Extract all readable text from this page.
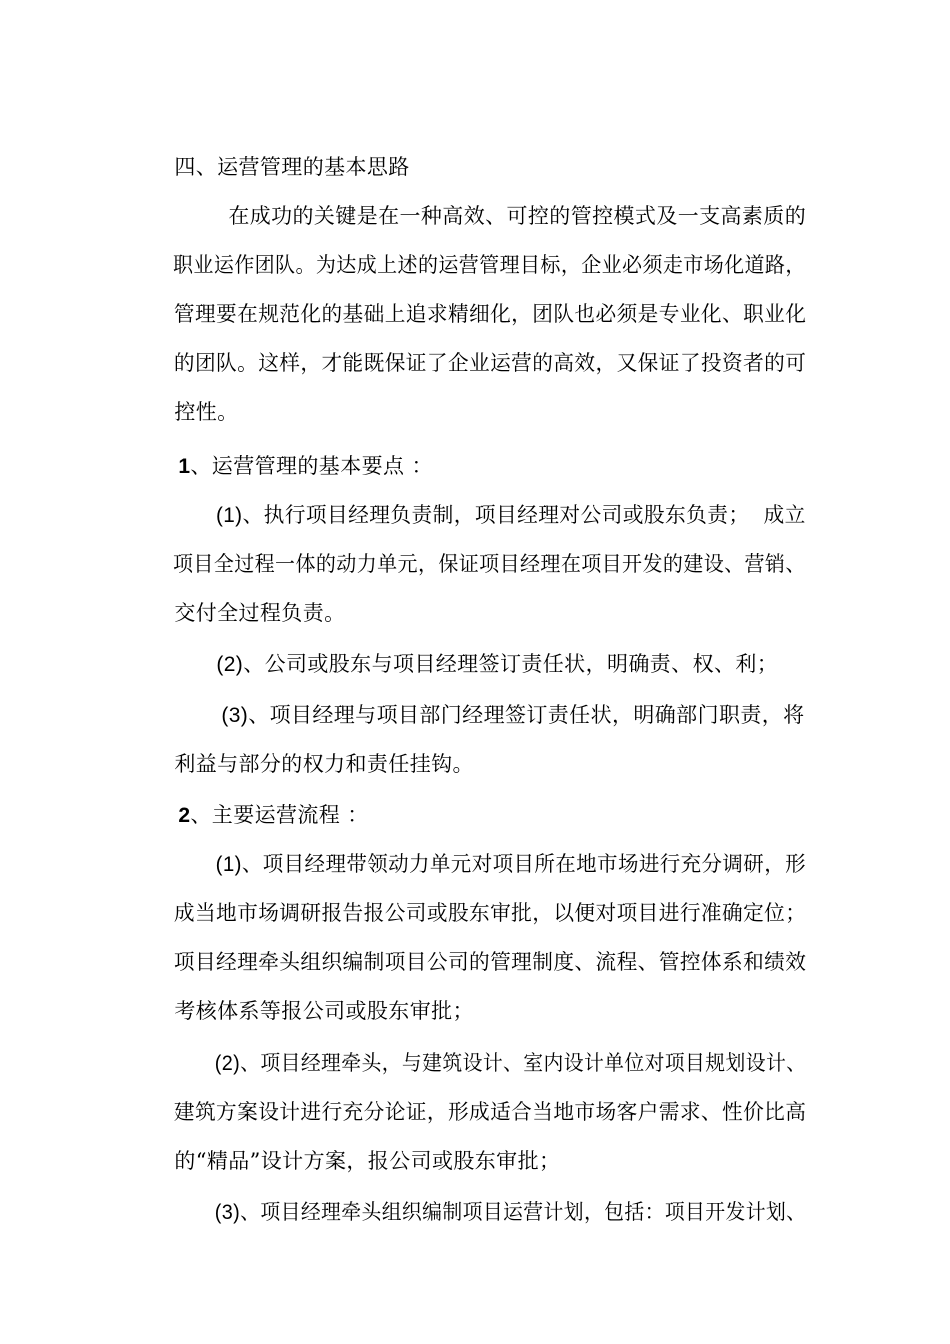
四、运营管理的基本思路

在成功的关键是在一种高效、可控的管控模式及一支高素质的

职业运作团队。为达成上述的运营管理目标，企业必须走市场化道路，

管理要在规范化的基础上追求精细化，团队也必须是专业化、职业化

的团队。这样，才能既保证了企业运营的高效，又保证了投资者的可

控性。

1、运营管理的基本要点 ：

(1)、执行项目经理负责制，项目经理对公司或股东负责；  成立

项目全过程一体的动力单元，保证项目经理在项目开发的建设、营销、

交付全过程负责。

(2)、公司或股东与项目经理签订责任状，明确责、权、利；

(3)、项目经理与项目部门经理签订责任状，明确部门职责，将

利益与部分的权力和责任挂钩。

2、主要运营流程 ：

(1)、项目经理带领动力单元对项目所在地市场进行充分调研，形

成当地市场调研报告报公司或股东审批，以便对项目进行准确定位；

项目经理牵头组织编制项目公司的管理制度、流程、管控体系和绩效

考核体系等报公司或股东审批；

(2)、项目经理牵头，与建筑设计、室内设计单位对项目规划设计、

建筑方案设计进行充分论证，形成适合当地市场客户需求、性价比高

的“精品”设计方案，报公司或股东审批；

(3)、项目经理牵头组织编制项目运营计划，包括：项目开发计划、
